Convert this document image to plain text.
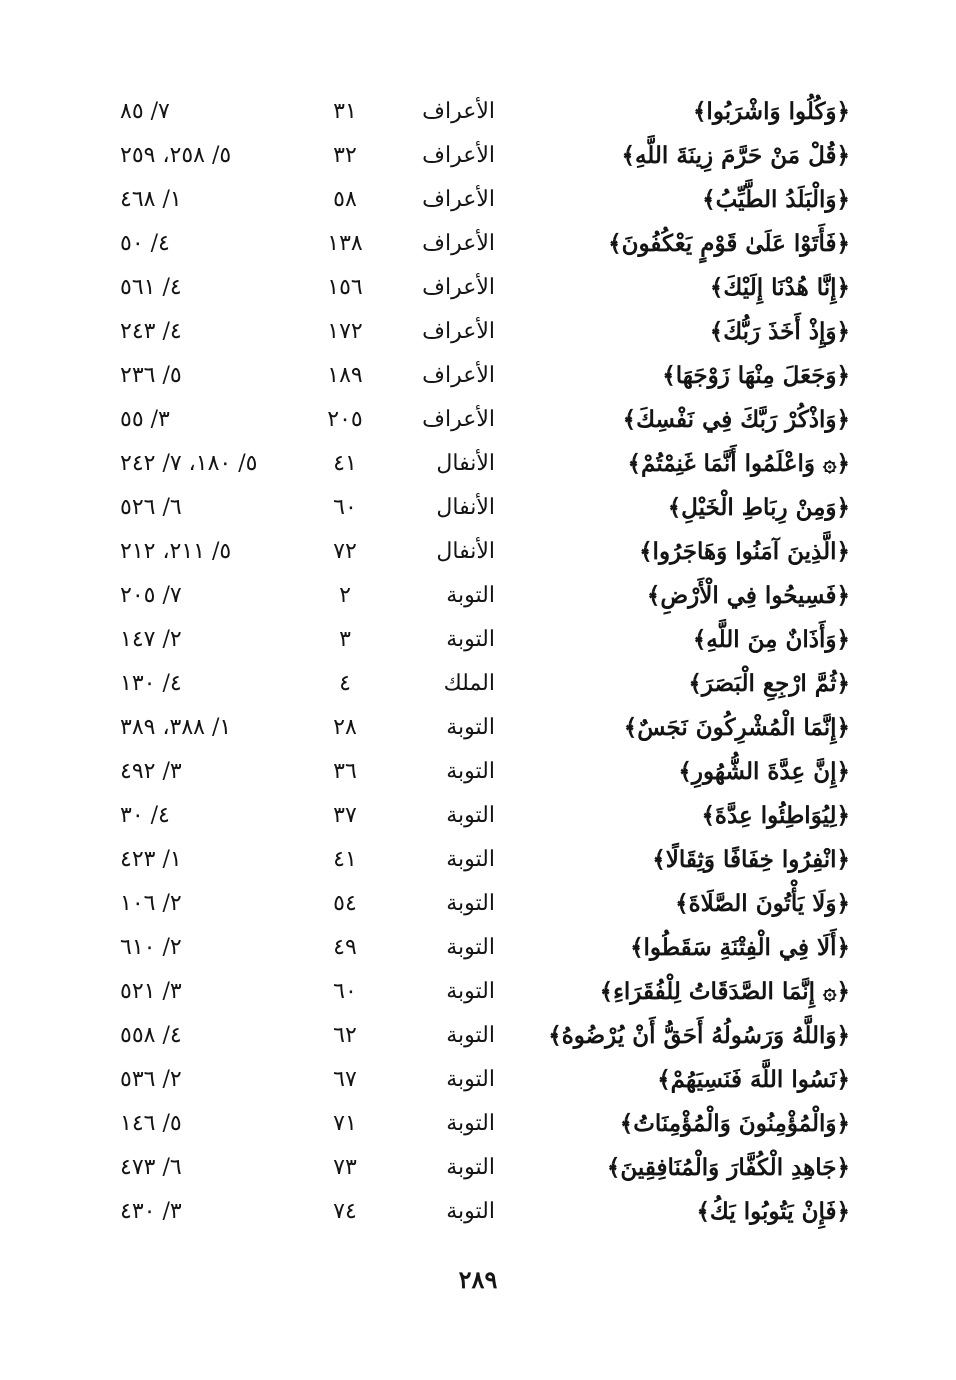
﴿وَكُلُوا وَاشْرَبُوا﴾
الأعراف
٣١
٧/ ٨٥
﴿قُلْ مَنْ حَرَّمَ زِينَةَ اللَّهِ﴾
الأعراف
٣٢
٥/ ٢٥٨، ٢٥٩
﴿وَالْبَلَدُ الطَّيِّبُ﴾
الأعراف
٥٨
١/ ٤٦٨
﴿فَأَتَوْا عَلَىٰ قَوْمٍ يَعْكُفُونَ﴾
الأعراف
١٣٨
٤/ ٥٠
﴿إِنَّا هُدْنَا إِلَيْكَ﴾
الأعراف
١٥٦
٤/ ٥٦١
﴿وَإِذْ أَخَذَ رَبُّكَ﴾
الأعراف
١٧٢
٤/ ٢٤٣
﴿وَجَعَلَ مِنْهَا زَوْجَهَا﴾
الأعراف
١٨٩
٥/ ٢٣٦
﴿وَاذْكُرْ رَبَّكَ فِي نَفْسِكَ﴾
الأعراف
٢٠٥
٣/ ٥٥
﴿۞ وَاعْلَمُوا أَنَّمَا غَنِمْتُمْ﴾
الأنفال
٤١
٥/ ١٨٠، ٧/ ٢٤٢
﴿وَمِنْ رِبَاطِ الْخَيْلِ﴾
الأنفال
٦٠
٦/ ٥٢٦
﴿الَّذِينَ آمَنُوا وَهَاجَرُوا﴾
الأنفال
٧٢
٥/ ٢١١، ٢١٢
﴿فَسِيحُوا فِي الْأَرْضِ﴾
التوبة
٢
٧/ ٢٠٥
﴿وَأَذَانٌ مِنَ اللَّهِ﴾
التوبة
٣
٢/ ١٤٧
﴿ثُمَّ ارْجِعِ الْبَصَرَ﴾
الملك
٤
٤/ ١٣٠
﴿إِنَّمَا الْمُشْرِكُونَ نَجَسٌ﴾
التوبة
٢٨
١/ ٣٨٨، ٣٨٩
﴿إِنَّ عِدَّةَ الشُّهُورِ﴾
التوبة
٣٦
٣/ ٤٩٢
﴿لِيُوَاطِئُوا عِدَّةَ﴾
التوبة
٣٧
٤/ ٣٠
﴿انْفِرُوا خِفَافًا وَثِقَالًا﴾
التوبة
٤١
١/ ٤٢٣
﴿وَلَا يَأْتُونَ الصَّلَاةَ﴾
التوبة
٥٤
٢/ ١٠٦
﴿أَلَا فِي الْفِتْنَةِ سَقَطُوا﴾
التوبة
٤٩
٢/ ٦١٠
﴿۞ إِنَّمَا الصَّدَقَاتُ لِلْفُقَرَاءِ﴾
التوبة
٦٠
٣/ ٥٢١
﴿وَاللَّهُ وَرَسُولُهُ أَحَقُّ أَنْ يُرْضُوهُ﴾
التوبة
٦٢
٤/ ٥٥٨
﴿نَسُوا اللَّهَ فَنَسِيَهُمْ﴾
التوبة
٦٧
٢/ ٥٣٦
﴿وَالْمُؤْمِنُونَ وَالْمُؤْمِنَاتُ﴾
التوبة
٧١
٥/ ١٤٦
﴿جَاهِدِ الْكُفَّارَ وَالْمُنَافِقِينَ﴾
التوبة
٧٣
٦/ ٤٧٣
﴿فَإِنْ يَتُوبُوا يَكُ﴾
التوبة
٧٤
٣/ ٤٣٠
٢٨٩
